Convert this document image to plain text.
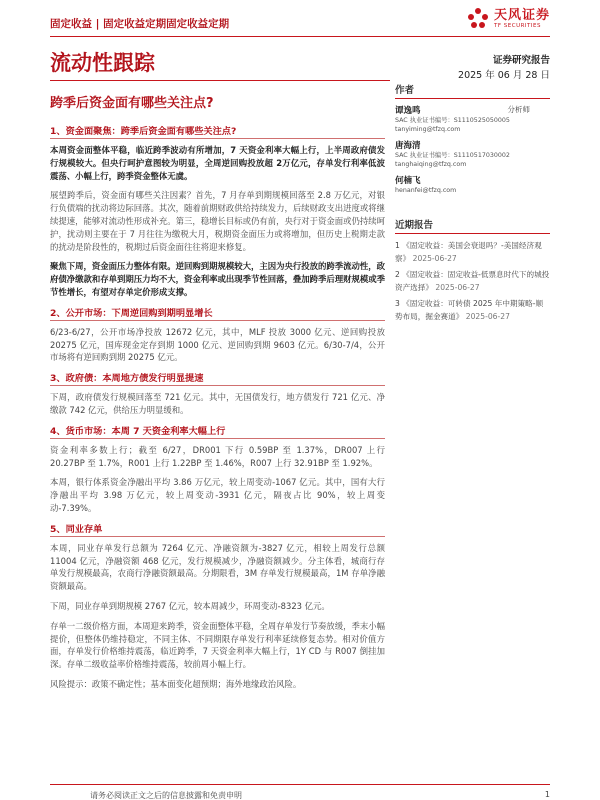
固定收益 | 固定收益定期固定收益定期
天风证券
TF SECURITIES
流动性跟踪	证券研究报告
2025 年 06 月 28 日
跨季后资金面有哪些关注点?
1、资金面聚焦：跨季后资金面有哪些关注点?
本周资金面整体平稳，临近跨季波动有所增加，7 天资金利率大幅上行，上半周政府债发行规模较大。但央行呵护意图较为明显，全周逆回购投放超 2万亿元，存单发行利率低波震荡、小幅上行，跨季资金整体无虞。
展望跨季后，资金面有哪些关注因素？首先，7 月存单到期规模回落至 2.8 万亿元，对银行负债端的扰动将边际回落。其次，随着前期财政供给持续发力，后续财政支出进度或将继续提速，能够对流动性形成补充。第三，稳增长目标或仍有前，央行对于资金面或仍持续呵护，扰动则主要在于 7 月往往为缴税大月，税期资金面压力或将增加，但历史上税期走款的扰动是阶段性的，税期过后资金面往往将迎来修复。
聚焦下周，资金面压力整体有限。逆回购到期规模较大，主因为央行投放的跨季流动性，政府债净缴款和存单到期压力均不大，资金利率或出现季节性回落，叠加跨季后理财规模或季节性增长，有望对存单定价形成支撑。
2、公开市场：下周逆回购到期明显增长
6/23-6/27，公开市场净投放 12672 亿元，其中，MLF 投放 3000 亿元、逆回购投放 20275 亿元，国库现金定存到期 1000 亿元、逆回购到期 9603 亿元。6/30-7/4，公开市场将有逆回购到期 20275 亿元。
3、政府债：本周地方债发行明显提速
下周，政府债发行规模回落至 721 亿元。其中，无国债发行，地方债发行 721 亿元、净缴款 742 亿元，供给压力明显缓和。
4、货币市场：本周 7 天资金利率大幅上行
资金利率多数上行；截至 6/27，DR001 下行 0.59BP 至 1.37%，DR007 上行 20.27BP 至 1.7%，R001 上行 1.22BP 至 1.46%，R007 上行 32.91BP 至 1.92%。
本周，银行体系资金净融出平均 3.86 万亿元，较上周变动-1067 亿元。其中，国有大行净融出平均 3.98 万亿元，较上周变动-3931 亿元，隔夜占比 90%，较上周变动-7.39%。
5、同业存单
本周，同业存单发行总额为 7264 亿元、净融资额为-3827 亿元，相较上周发行总额 11004 亿元，净融资额 468 亿元，发行规模减少，净融资额减少。分主体看，城商行存单发行规模最高，农商行净融资额最高。分期限看，3M 存单发行规模最高，1M 存单净融资额最高。
下周，同业存单到期规模 2767 亿元，较本周减少，环周变动-8323 亿元。
存单一二级价格方面，本周迎来跨季，资金面整体平稳，全周存单发行节奏放缓，季末小幅提价，但整体仍维持稳定，不同主体、不同期限存单发行利率延续修复态势。相对价值方面，存单发行价格维持震荡，临近跨季，7 天资金利率大幅上行，1Y CD 与 R007 倒挂加深。存单二级收益率价格维持震荡，较前周小幅上行。
风险提示：政策不确定性；基本面变化超预期；海外地缘政治风险。
作者
谭逸鸣	分析师
SAC 执业证书编号：S1110525050005
tanyiming@tfzq.com
唐海清
SAC 执业证书编号：S1110517030002
tanghaiqing@tfzq.com
何楠飞
henanfei@tfzq.com
近期报告
1 《固定收益：美国会衰退吗？-美国经济观察》 2025-06-27
2 《固定收益：固定收益-低票息时代下的城投资产选择》 2025-06-27
3 《固定收益：可转债 2025 年中期策略-顺势布局，掘金赛道》 2025-06-27
请务必阅读正文之后的信息披露和免责申明	1
